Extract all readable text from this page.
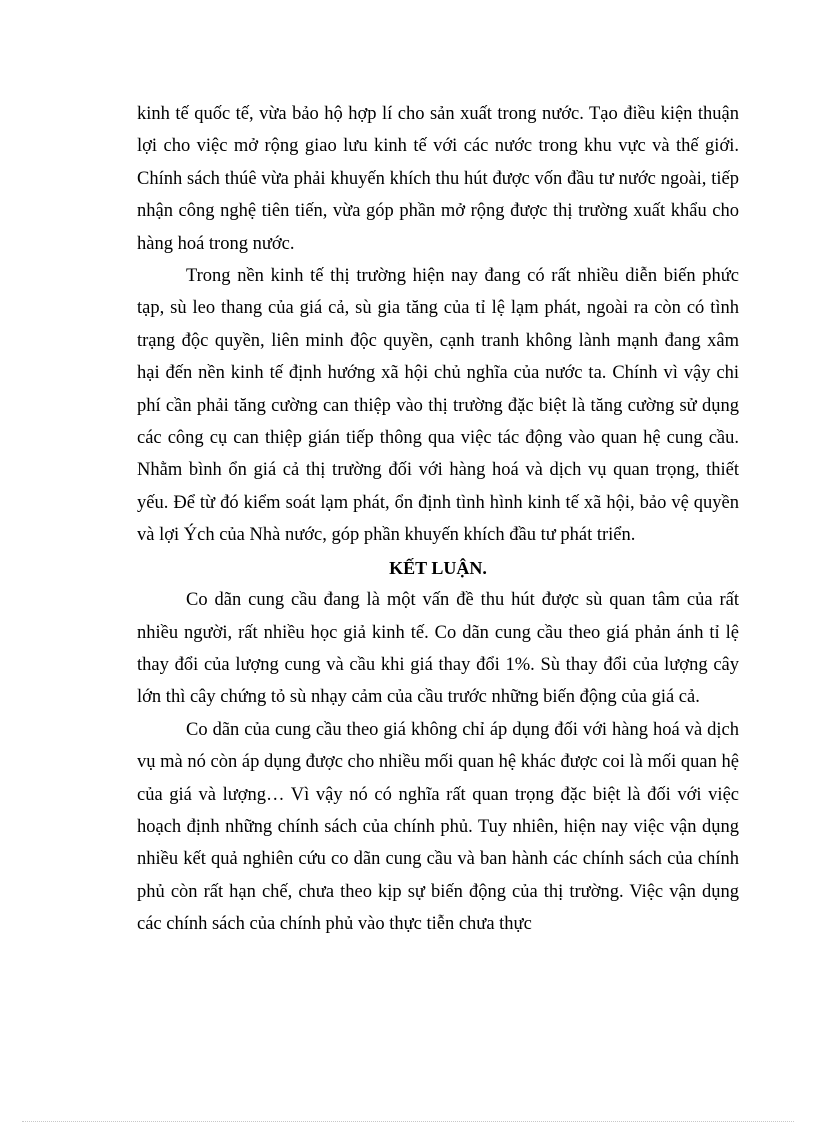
kinh tế quốc tế, vừa bảo hộ hợp lí cho sản xuất trong nước. Tạo điều kiện thuận lợi cho việc mở rộng giao lưu kinh tế với các nước trong khu vực và thế giới. Chính sách thúê vừa phải khuyến khích thu hút được vốn đầu tư nước ngoài, tiếp nhận công nghệ tiên tiến, vừa góp phần mở rộng được thị trường xuất khẩu cho hàng hoá trong nước.

Trong nền kinh tế thị trường hiện nay đang có rất nhiều diễn biến phức tạp, sù leo thang của giá cả, sù gia tăng của tỉ lệ lạm phát, ngoài ra còn có tình trạng độc quyền, liên minh độc quyền, cạnh tranh không lành mạnh đang xâm hại đến nền kinh tế định hướng xã hội chủ nghĩa của nước ta. Chính vì vậy chi phí cần phải tăng cường can thiệp vào thị trường đặc biệt là tăng cường sử dụng các công cụ can thiệp gián tiếp thông qua việc tác động vào quan hệ cung cầu. Nhằm bình ổn giá cả thị trường đối với hàng hoá và dịch vụ quan trọng, thiết yếu. Để từ đó kiểm soát lạm phát, ổn định tình hình kinh tế xã hội, bảo vệ quyền và lợi Ých của Nhà nước, góp phần khuyến khích đầu tư phát triển.

KẾT LUẬN.

Co dãn cung cầu đang là một vấn đề thu hút được sù quan tâm của rất nhiều người, rất nhiều học giả kinh tế. Co dãn cung cầu theo giá phản ánh tỉ lệ thay đổi của lượng cung và cầu khi giá thay đổi 1%. Sù thay đổi của lượng cây lớn thì cây chứng tỏ sù nhạy cảm của cầu trước những biến động của giá cả.

Co dãn của cung cầu theo giá không chỉ áp dụng đối với hàng hoá và dịch vụ mà nó còn áp dụng được cho nhiều mối quan hệ khác được coi là mối quan hệ của giá và lượng… Vì vậy nó có nghĩa rất quan trọng đặc biệt là đối với việc hoạch định những chính sách của chính phủ. Tuy nhiên, hiện nay việc vận dụng nhiều kết quả nghiên cứu co dãn cung cầu và ban hành các chính sách của chính phủ còn rất hạn chế, chưa theo kịp sự biến động của thị trường. Việc vận dụng các chính sách của chính phủ vào thực tiễn chưa thực
